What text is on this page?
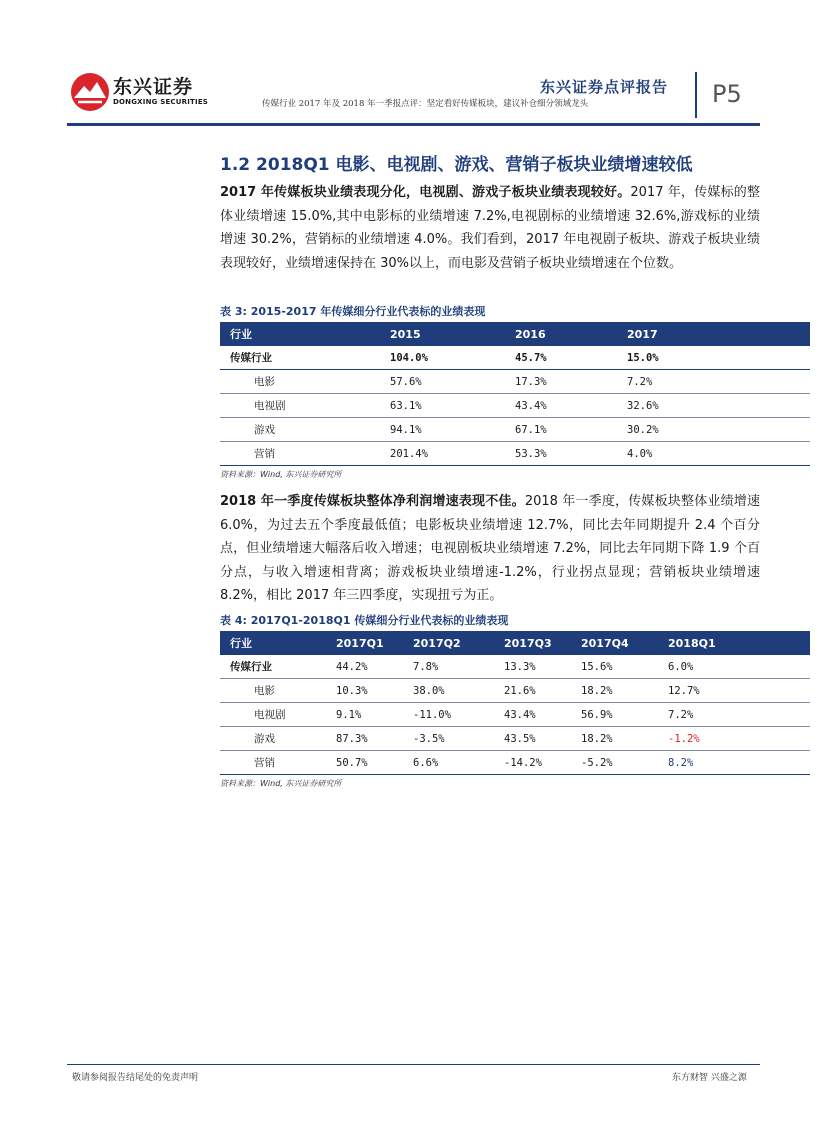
东兴证券
DONGXING SECURITIES
东兴证券点评报告
传媒行业 2017 年及 2018 年一季报点评：坚定看好传媒板块，建议补仓细分领域龙头	P5
1.2 2018Q1 电影、电视剧、游戏、营销子板块业绩增速较低
2017 年传媒板块业绩表现分化，电视剧、游戏子板块业绩表现较好。2017 年，传媒标的整体业绩增速 15.0%,其中电影标的业绩增速 7.2%,电视剧标的业绩增速 32.6%,游戏标的业绩增速 30.2%，营销标的业绩增速 4.0%。我们看到，2017 年电视剧子板块、游戏子板块业绩表现较好，业绩增速保持在 30%以上，而电影及营销子板块业绩增速在个位数。
表 3: 2015-2017 年传媒细分行业代表标的业绩表现
行业	2015	2016	2017
传媒行业	104.0%	45.7%	15.0%
电影	57.6%	17.3%	7.2%
电视剧	63.1%	43.4%	32.6%
游戏	94.1%	67.1%	30.2%
营销	201.4%	53.3%	4.0%
资料来源：Wind, 东兴证券研究所
2018 年一季度传媒板块整体净利润增速表现不佳。2018 年一季度，传媒板块整体业绩增速 6.0%，为过去五个季度最低值；电影板块业绩增速 12.7%，同比去年同期提升 2.4 个百分点，但业绩增速大幅落后收入增速；电视剧板块业绩增速 7.2%，同比去年同期下降 1.9 个百分点，与收入增速相背离；游戏板块业绩增速-1.2%，行业拐点显现；营销板块业绩增速 8.2%，相比 2017 年三四季度，实现扭亏为正。
表 4: 2017Q1-2018Q1 传媒细分行业代表标的业绩表现
行业	2017Q1	2017Q2	2017Q3	2017Q4	2018Q1
传媒行业	44.2%	7.8%	13.3%	15.6%	6.0%
电影	10.3%	38.0%	21.6%	18.2%	12.7%
电视剧	9.1%	-11.0%	43.4%	56.9%	7.2%
游戏	87.3%	-3.5%	43.5%	18.2%	-1.2%
营销	50.7%	6.6%	-14.2%	-5.2%	8.2%
资料来源：Wind, 东兴证券研究所
敬请参阅报告结尾处的免责声明	东方财智 兴盛之源
